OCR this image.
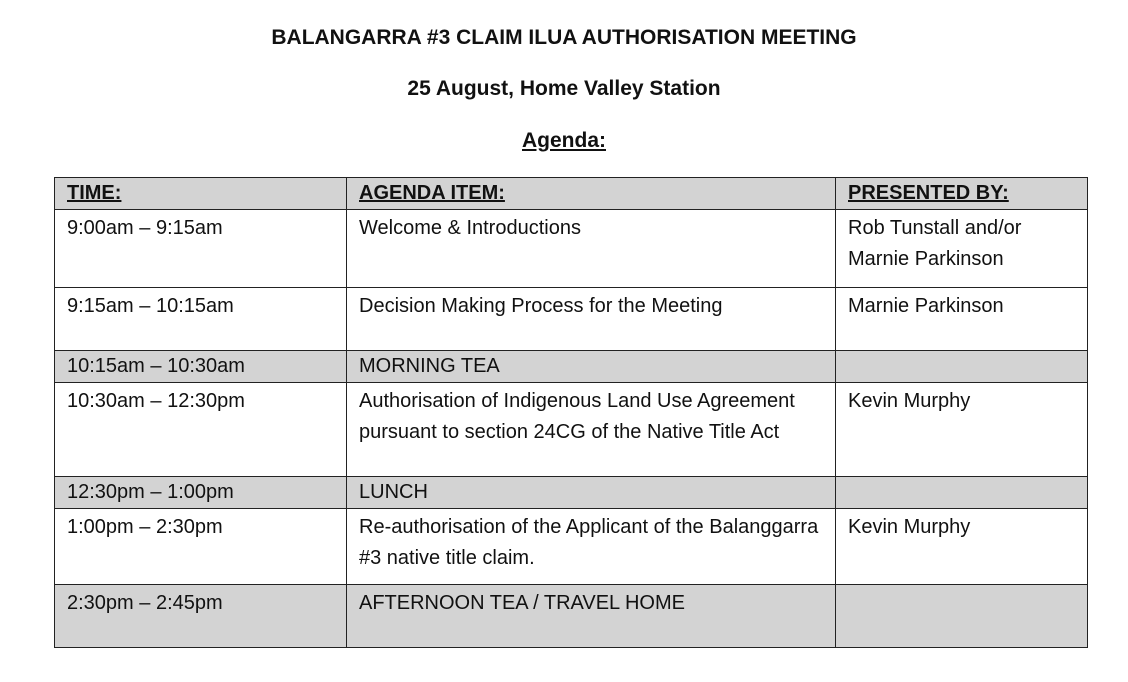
BALANGARRA #3 CLAIM ILUA AUTHORISATION MEETING
25 August, Home Valley Station
Agenda:
TIME:	AGENDA ITEM:	PRESENTED BY:
9:00am – 9:15am	Welcome & Introductions	Rob Tunstall and/or
Marnie Parkinson
9:15am – 10:15am	Decision Making Process for the Meeting	Marnie Parkinson
10:15am – 10:30am	MORNING TEA	
10:30am – 12:30pm	Authorisation of Indigenous Land Use Agreement pursuant to section 24CG of the Native Title Act	Kevin Murphy
12:30pm – 1:00pm	LUNCH	
1:00pm – 2:30pm	Re-authorisation of the Applicant of the Balanggarra #3 native title claim.	Kevin Murphy
2:30pm – 2:45pm	AFTERNOON TEA / TRAVEL HOME	
